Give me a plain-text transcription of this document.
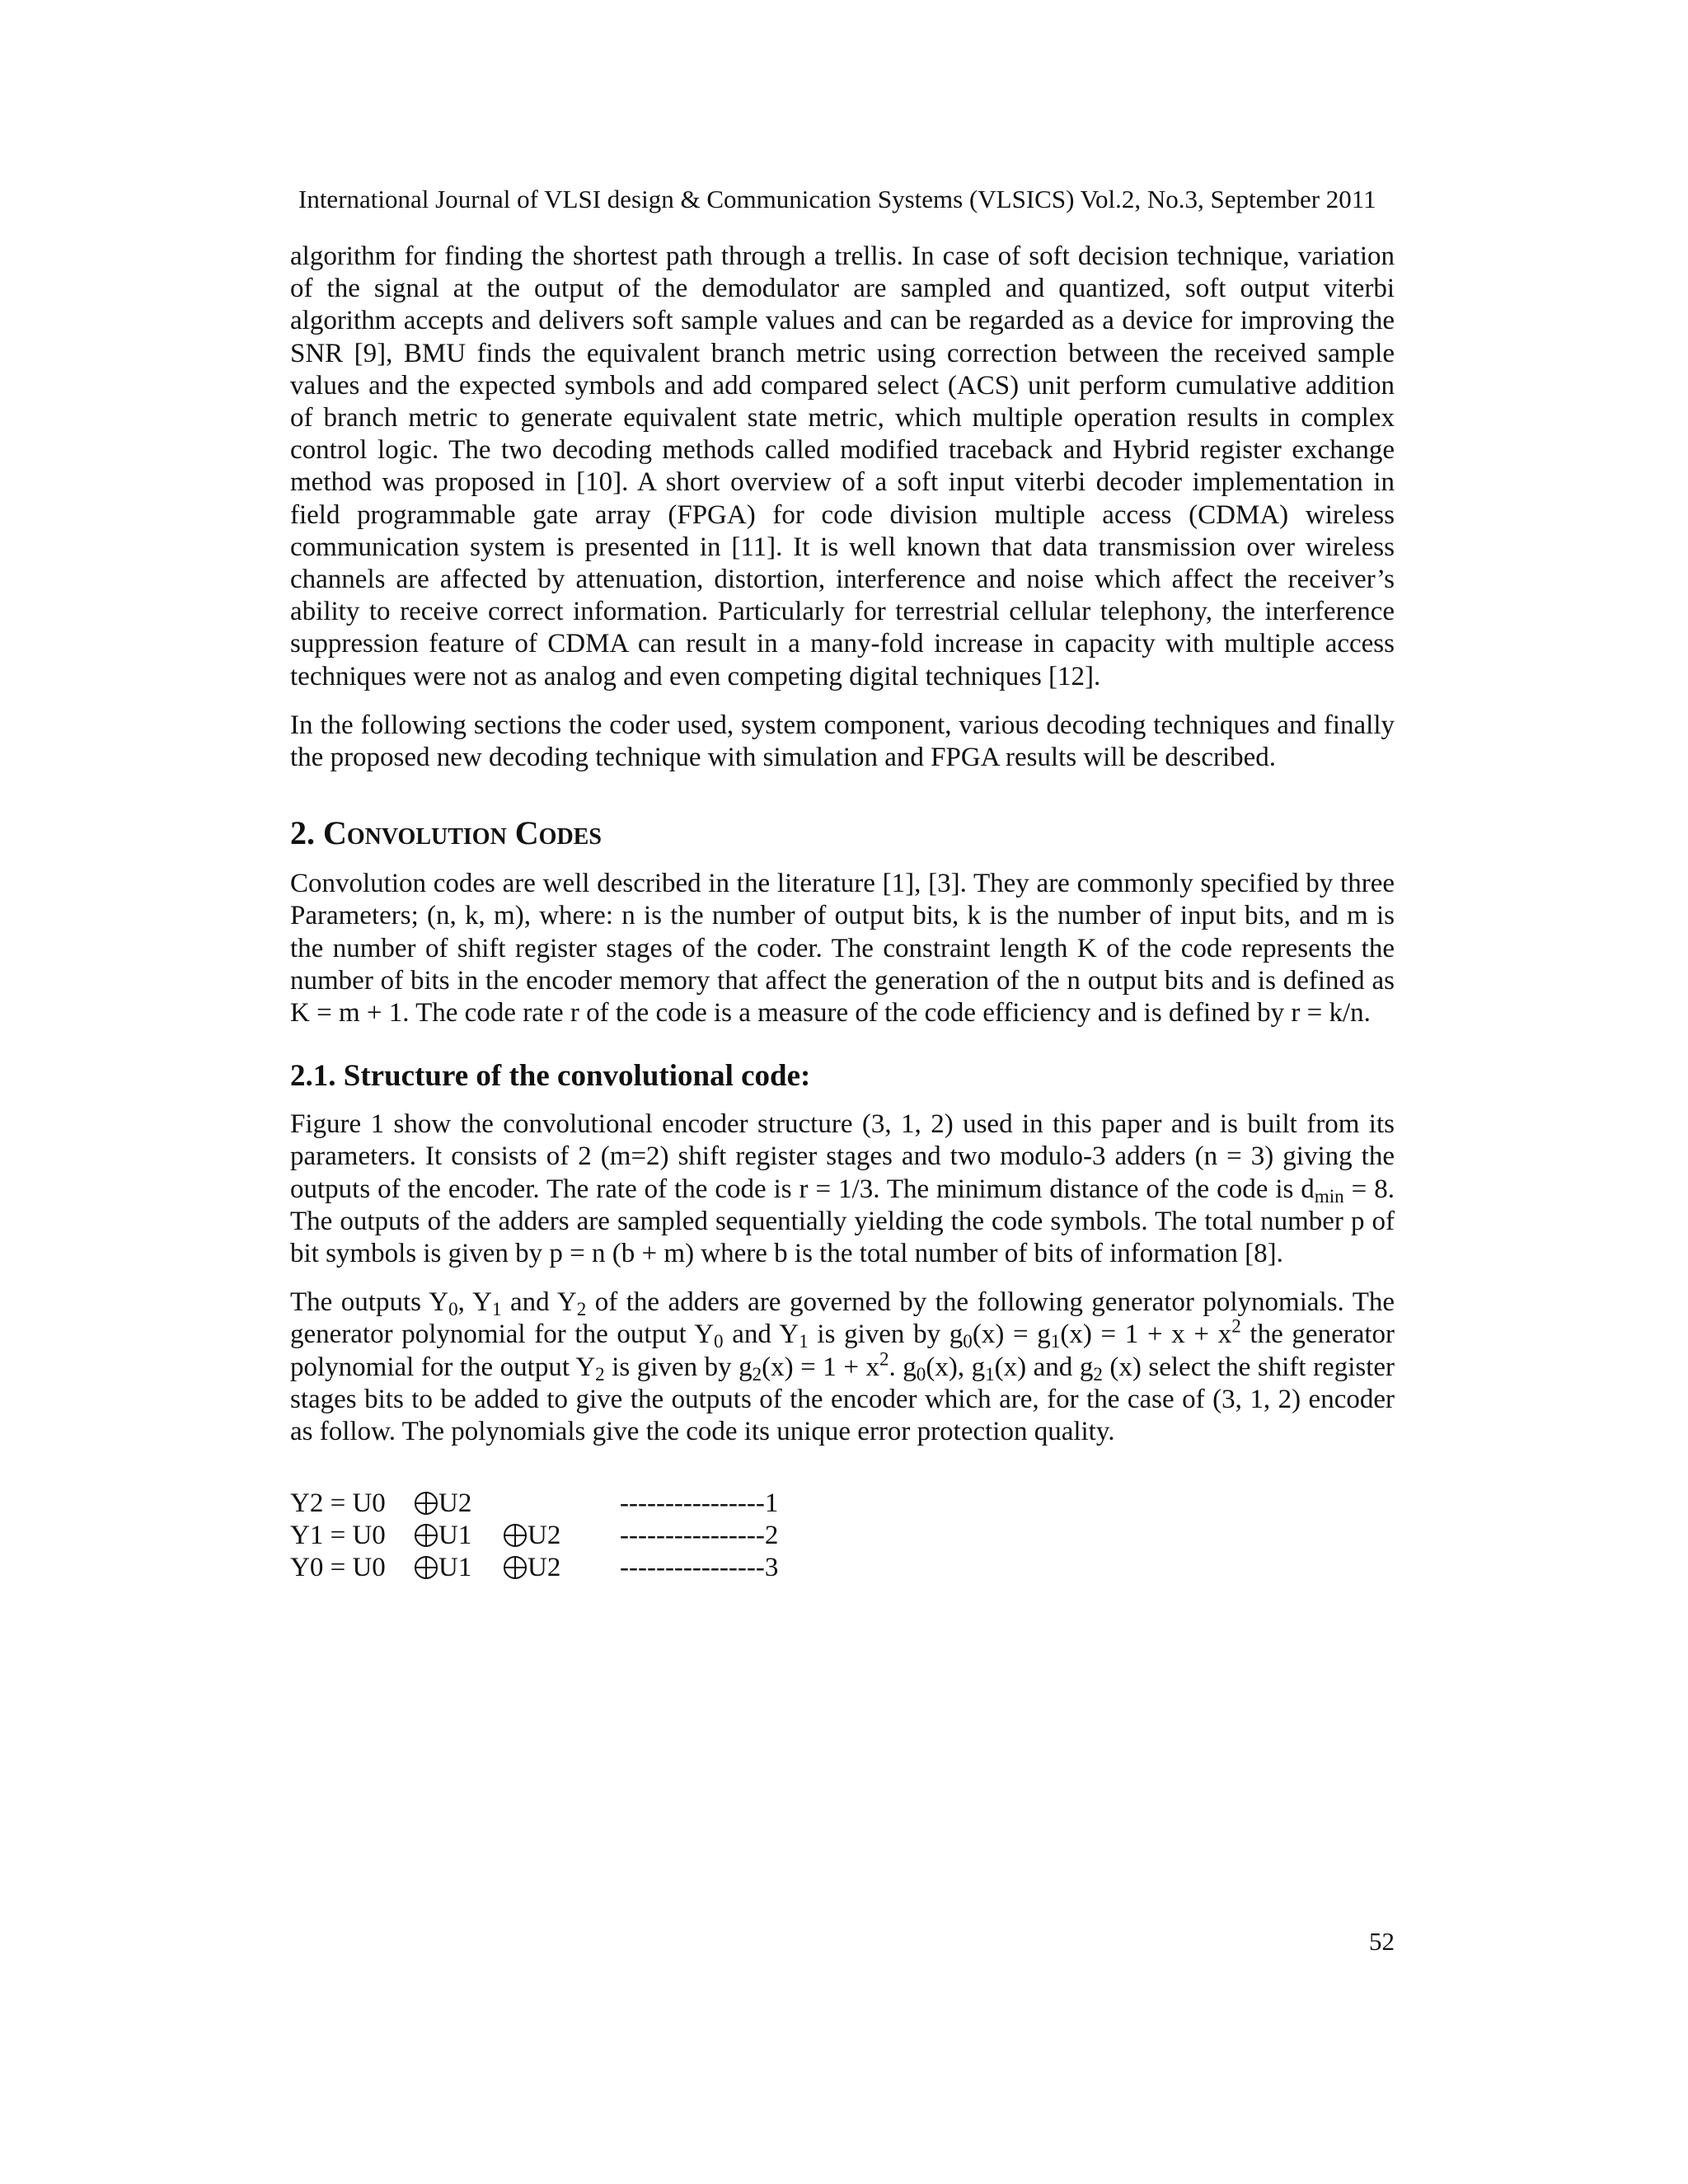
International Journal of VLSI design & Communication Systems (VLSICS) Vol.2, No.3, September 2011

algorithm for finding the shortest path through a trellis. In case of soft decision technique, variation of the signal at the output of the demodulator are sampled and quantized, soft output viterbi algorithm accepts and delivers soft sample values and can be regarded as a device for improving the SNR [9], BMU finds the equivalent branch metric using correction between the received sample values and the expected symbols and add compared select (ACS) unit perform cumulative addition of branch metric to generate equivalent state metric, which multiple operation results in complex control logic. The two decoding methods called modified traceback and Hybrid register exchange method was proposed in [10]. A short overview of a soft input viterbi decoder implementation in field programmable gate array (FPGA) for code division multiple access (CDMA) wireless communication system is presented in [11]. It is well known that data transmission over wireless channels are affected by attenuation, distortion, interference and noise which affect the receiver’s ability to receive correct information. Particularly for terrestrial cellular telephony, the interference suppression feature of CDMA can result in a many-fold increase in capacity with multiple access techniques were not as analog and even competing digital techniques [12].

In the following sections the coder used, system component, various decoding techniques and finally the proposed new decoding technique with simulation and FPGA results will be described.

2. Convolution Codes

Convolution codes are well described in the literature [1], [3]. They are commonly specified by three Parameters; (n, k, m), where: n is the number of output bits, k is the number of input bits, and m is the number of shift register stages of the coder. The constraint length K of the code represents the number of bits in the encoder memory that affect the generation of the n output bits and is defined as K = m + 1. The code rate r of the code is a measure of the code efficiency and is defined by r = k/n.

2.1. Structure of the convolutional code:

Figure 1 show the convolutional encoder structure (3, 1, 2) used in this paper and is built from its parameters. It consists of 2 (m=2) shift register stages and two modulo-3 adders (n = 3) giving the outputs of the encoder. The rate of the code is r = 1/3. The minimum distance of the code is $d_{min} = 8$. The outputs of the adders are sampled sequentially yielding the code symbols. The total number p of bit symbols is given by p = n (b + m) where b is the total number of bits of information [8].

The outputs $Y_0$, $Y_1$ and $Y_2$ of the adders are governed by the following generator polynomials. The generator polynomial for the output $Y_0$ and $Y_1$ is given by $g_0(x) = g_1(x) = 1 + x + x^2$ the generator polynomial for the output $Y_2$ is given by $g_2(x) = 1 + x^2$. $g_0(x)$, $g_1(x)$ and $g_2$ (x) select the shift register stages bits to be added to give the outputs of the encoder which are, for the case of (3, 1, 2) encoder as follow. The polynomials give the code its unique error protection quality.

Y2 = U0	U2	----------------1
Y1 = U0	U1	U2 ----------------2
Y0 = U0	U1	U2 ----------------3
52
